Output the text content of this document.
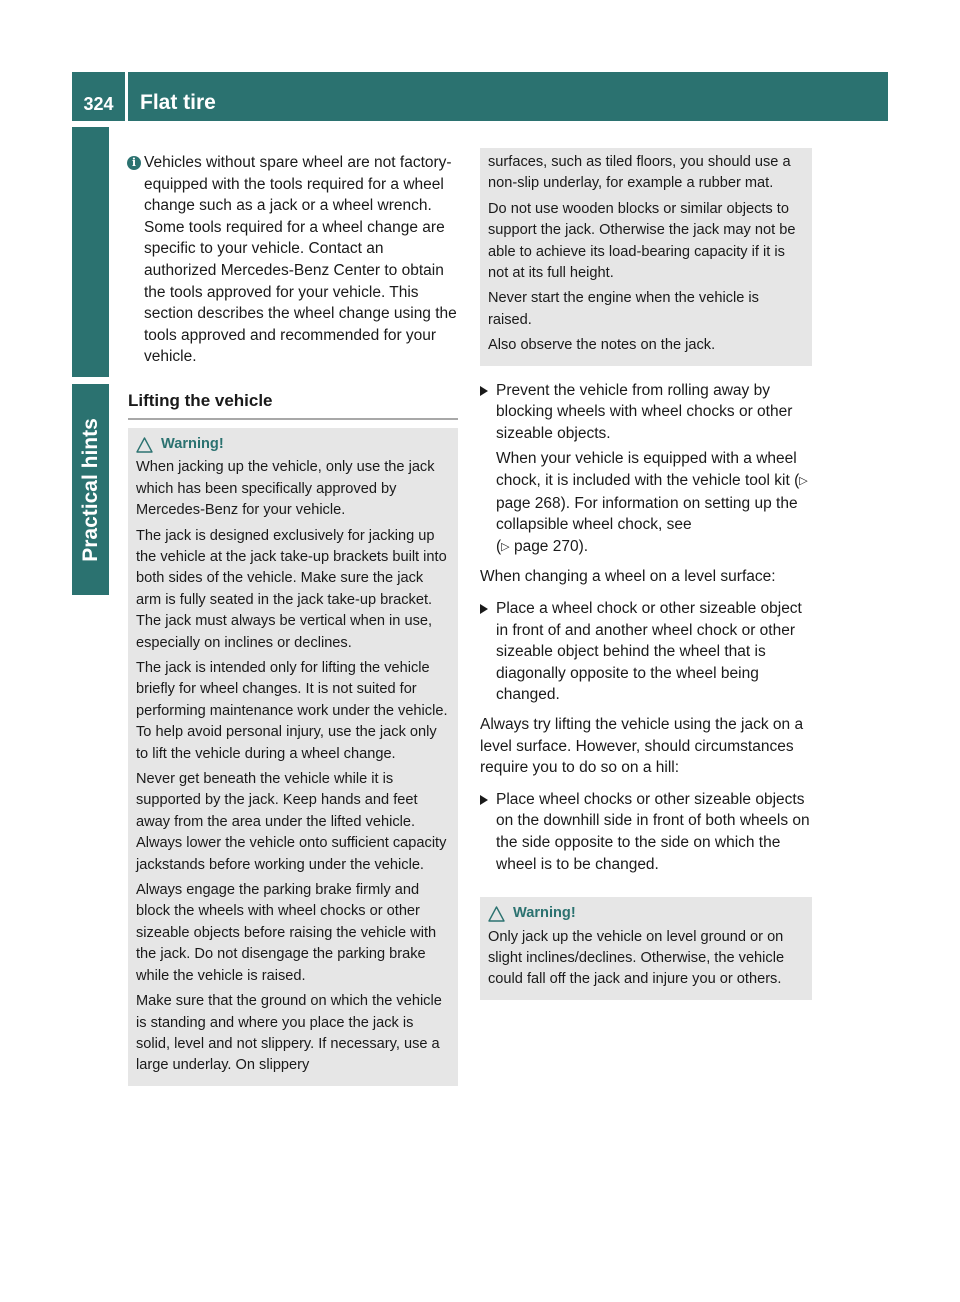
324	Flat tire
Practical hints

i Vehicles without spare wheel are not factory-equipped with the tools required for a wheel change such as a jack or a wheel wrench. Some tools required for a wheel change are specific to your vehicle. Contact an authorized Mercedes-Benz Center to obtain the tools approved for your vehicle. This section describes the wheel change using the tools approved and recommended for your vehicle.

Lifting the vehicle
Warning!

When jacking up the vehicle, only use the jack which has been specifically approved by Mercedes-Benz for your vehicle.

The jack is designed exclusively for jacking up the vehicle at the jack take-up brackets built into both sides of the vehicle. Make sure the jack arm is fully seated in the jack take-up bracket. The jack must always be vertical when in use, especially on inclines or declines.

The jack is intended only for lifting the vehicle briefly for wheel changes. It is not suited for performing maintenance work under the vehicle. To help avoid personal injury, use the jack only to lift the vehicle during a wheel change.

Never get beneath the vehicle while it is supported by the jack. Keep hands and feet away from the area under the lifted vehicle. Always lower the vehicle onto sufficient capacity jackstands before working under the vehicle.

Always engage the parking brake firmly and block the wheels with wheel chocks or other sizeable objects before raising the vehicle with the jack. Do not disengage the parking brake while the vehicle is raised.

Make sure that the ground on which the vehicle is standing and where you place the jack is solid, level and not slippery. If necessary, use a large underlay. On slippery

surfaces, such as tiled floors, you should use a non-slip underlay, for example a rubber mat.

Do not use wooden blocks or similar objects to support the jack. Otherwise the jack may not be able to achieve its load-bearing capacity if it is not at its full height.

Never start the engine when the vehicle is raised.

Also observe the notes on the jack.

Prevent the vehicle from rolling away by blocking wheels with wheel chocks or other sizeable objects.
When your vehicle is equipped with a wheel chock, it is included with the vehicle tool kit (▷ page 268). For information on setting up the collapsible wheel chock, see
(▷ page 270).

When changing a wheel on a level surface:

Place a wheel chock or other sizeable object in front of and another wheel chock or other sizeable object behind the wheel that is diagonally opposite to the wheel being changed.

Always try lifting the vehicle using the jack on a level surface. However, should circumstances require you to do so on a hill:

Place wheel chocks or other sizeable objects on the downhill side in front of both wheels on the side opposite to the side on which the wheel is to be changed.
Warning!

Only jack up the vehicle on level ground or on slight inclines/declines. Otherwise, the vehicle could fall off the jack and injure you or others.
